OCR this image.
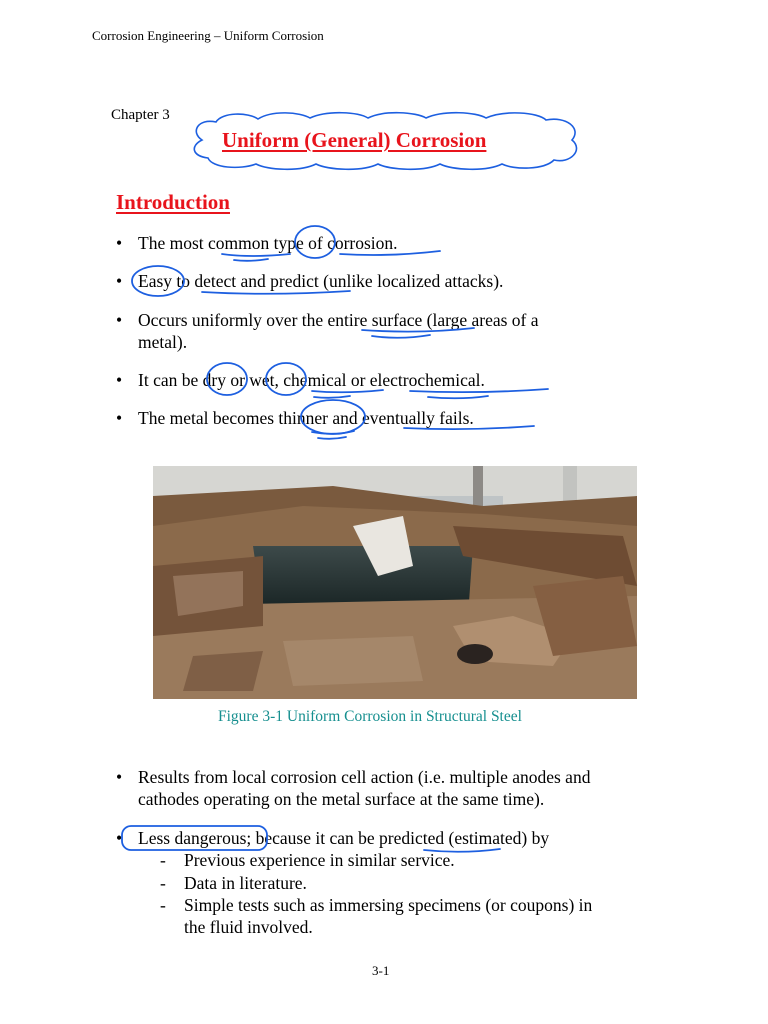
Corrosion Engineering – Uniform Corrosion
Chapter 3
Uniform (General) Corrosion
Introduction
• The most common type of corrosion.
• Easy to detect and predict (unlike localized attacks).
• Occurs uniformly over the entire surface (large areas of a
metal).
• It can be dry or wet, chemical or electrochemical.
• The metal becomes thinner and eventually fails.
Figure 3-1 Uniform Corrosion in Structural Steel
• Results from local corrosion cell action (i.e. multiple anodes and
cathodes operating on the metal surface at the same time).
• Less dangerous; because it can be predicted (estimated) by
- Previous experience in similar service.
- Data in literature.
- Simple tests such as immersing specimens (or coupons) in
the fluid involved.
3-1
